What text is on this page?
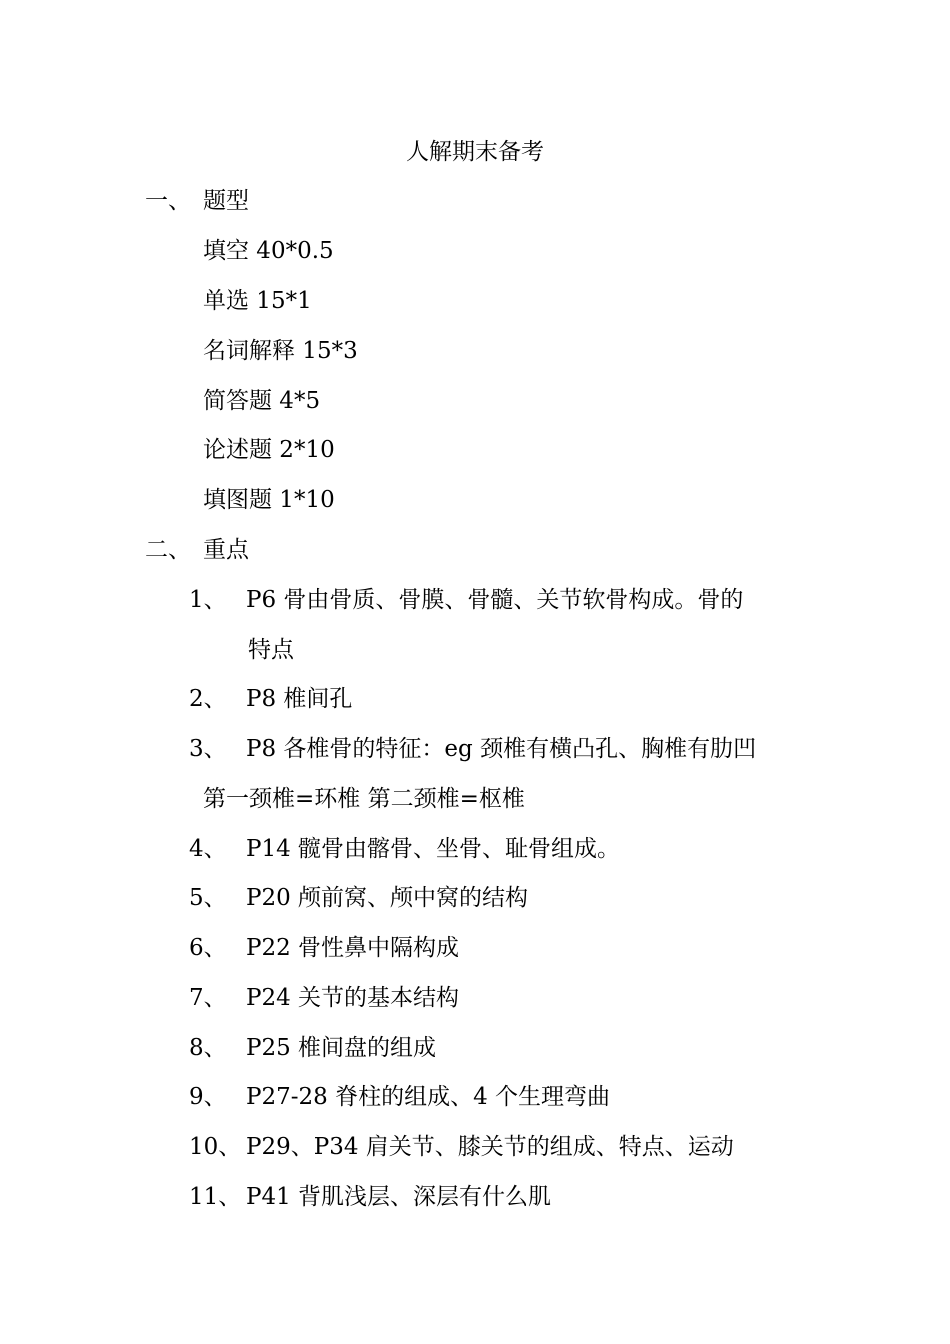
人解期末备考
一、 题型
填空 40*0.5
单选 15*1
名词解释 15*3
简答题 4*5
论述题 2*10
填图题 1*10
二、 重点
1、 P6 骨由骨质、骨膜、骨髓、关节软骨构成。骨的
特点
2、 P8 椎间孔
3、 P8 各椎骨的特征：eg 颈椎有横凸孔、胸椎有肋凹
第一颈椎=环椎 第二颈椎=枢椎
4、 P14 髋骨由髂骨、坐骨、耻骨组成。
5、 P20 颅前窝、颅中窝的结构
6、 P22 骨性鼻中隔构成
7、 P24 关节的基本结构
8、 P25 椎间盘的组成
9、 P27-28 脊柱的组成、4 个生理弯曲
10、 P29、P34 肩关节、膝关节的组成、特点、运动
11、 P41 背肌浅层、深层有什么肌
